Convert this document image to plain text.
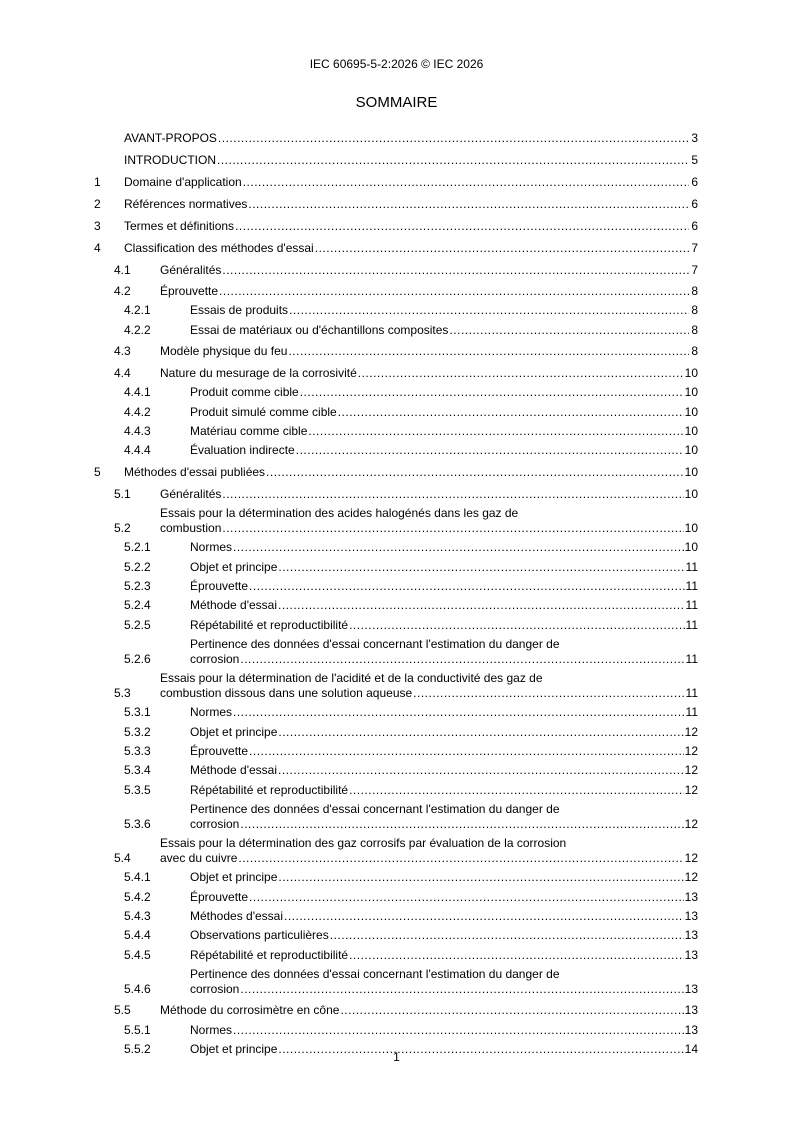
IEC 60695-5-2:2026 © IEC 2026
SOMMAIRE
AVANT-PROPOS .....	3
INTRODUCTION .....	5
1	Domaine d'application .....	6
2	Références normatives .....	6
3	Termes et définitions .....	6
4	Classification des méthodes d'essai .....	7
4.1	Généralités .....	7
4.2	Éprouvette .....	8
4.2.1	Essais de produits .....	8
4.2.2	Essai de matériaux ou d'échantillons composites .....	8
4.3	Modèle physique du feu .....	8
4.4	Nature du mesurage de la corrosivité .....	10
4.4.1	Produit comme cible .....	10
4.4.2	Produit simulé comme cible .....	10
4.4.3	Matériau comme cible .....	10
4.4.4	Évaluation indirecte .....	10
5	Méthodes d'essai publiées .....	10
5.1	Généralités .....	10
5.2
Essais pour la détermination des acides halogénés dans les gaz de
combustion .....	10
5.2.1	Normes .....	10
5.2.2	Objet et principe .....	11
5.2.3	Éprouvette .....	11
5.2.4	Méthode d'essai .....	11
5.2.5	Répétabilité et reproductibilité .....	11
5.2.6
Pertinence des données d'essai concernant l'estimation du danger de
corrosion .....	11
5.3
Essais pour la détermination de l'acidité et de la conductivité des gaz de
combustion dissous dans une solution aqueuse .....	11
5.3.1	Normes .....	11
5.3.2	Objet et principe .....	12
5.3.3	Éprouvette .....	12
5.3.4	Méthode d'essai .....	12
5.3.5	Répétabilité et reproductibilité .....	12
5.3.6
Pertinence des données d'essai concernant l'estimation du danger de
corrosion .....	12
5.4
Essais pour la détermination des gaz corrosifs par évaluation de la corrosion
avec du cuivre .....	12
5.4.1	Objet et principe .....	12
5.4.2	Éprouvette .....	13
5.4.3	Méthodes d'essai .....	13
5.4.4	Observations particulières .....	13
5.4.5	Répétabilité et reproductibilité .....	13
5.4.6
Pertinence des données d'essai concernant l'estimation du danger de
corrosion .....	13
5.5	Méthode du corrosimètre en cône .....	13
5.5.1	Normes .....	13
5.5.2	Objet et principe .....	14
1
